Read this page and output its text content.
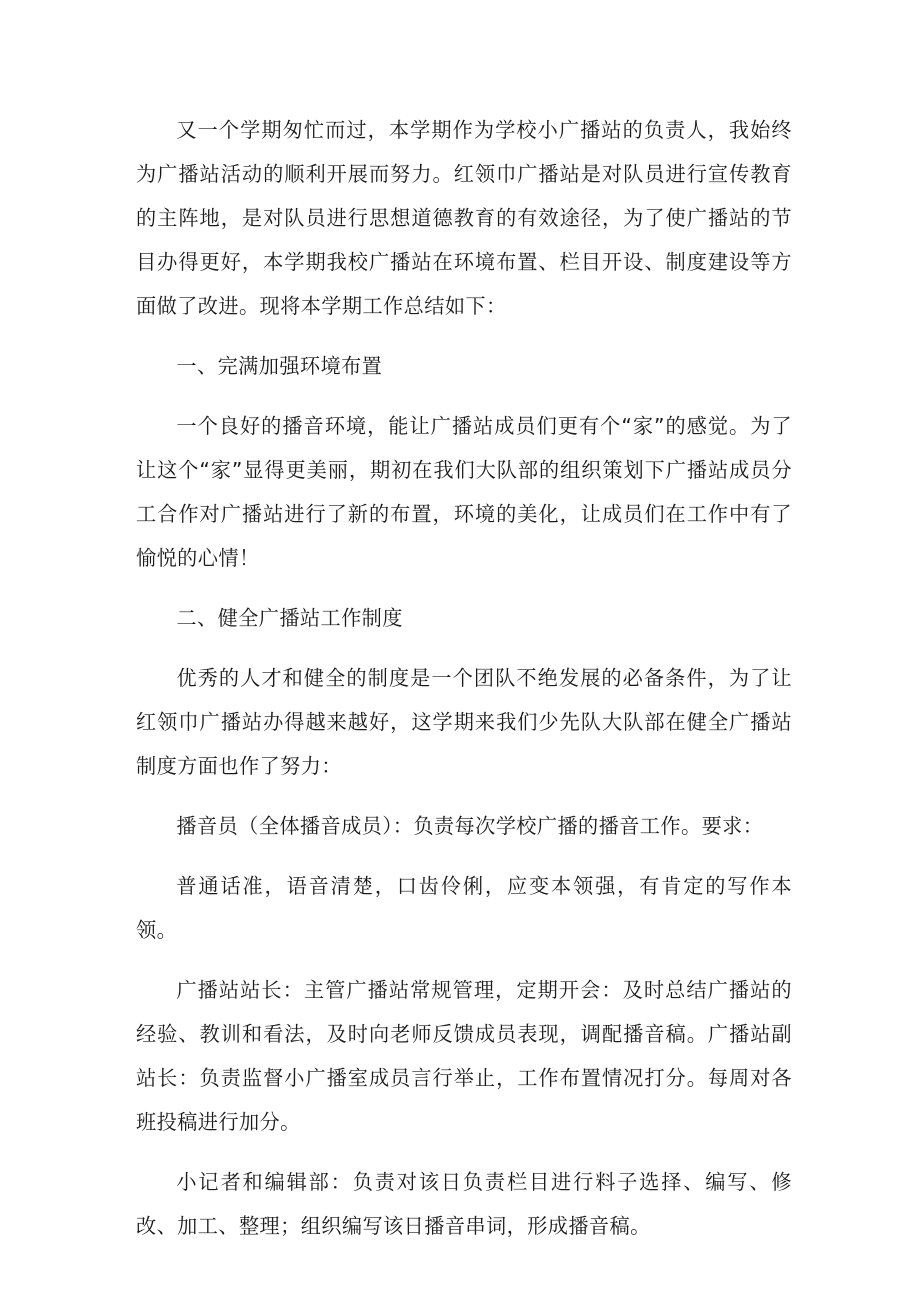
又一个学期匆忙而过，本学期作为学校小广播站的负责人，我始终为广播站活动的顺利开展而努力。红领巾广播站是对队员进行宣传教育的主阵地，是对队员进行思想道德教育的有效途径，为了使广播站的节目办得更好，本学期我校广播站在环境布置、栏目开设、制度建设等方面做了改进。现将本学期工作总结如下：

一、完满加强环境布置

一个良好的播音环境，能让广播站成员们更有个“家”的感觉。为了让这个“家”显得更美丽，期初在我们大队部的组织策划下广播站成员分工合作对广播站进行了新的布置，环境的美化，让成员们在工作中有了愉悦的心情！

二、健全广播站工作制度

优秀的人才和健全的制度是一个团队不绝发展的必备条件，为了让红领巾广播站办得越来越好，这学期来我们少先队大队部在健全广播站制度方面也作了努力：

播音员（全体播音成员）：负责每次学校广播的播音工作。要求：

普通话准，语音清楚，口齿伶俐，应变本领强，有肯定的写作本领。

广播站站长：主管广播站常规管理，定期开会：及时总结广播站的经验、教训和看法，及时向老师反馈成员表现，调配播音稿。广播站副站长：负责监督小广播室成员言行举止，工作布置情况打分。每周对各班投稿进行加分。

小记者和编辑部：负责对该日负责栏目进行料子选择、编写、修改、加工、整理；组织编写该日播音串词，形成播音稿。
